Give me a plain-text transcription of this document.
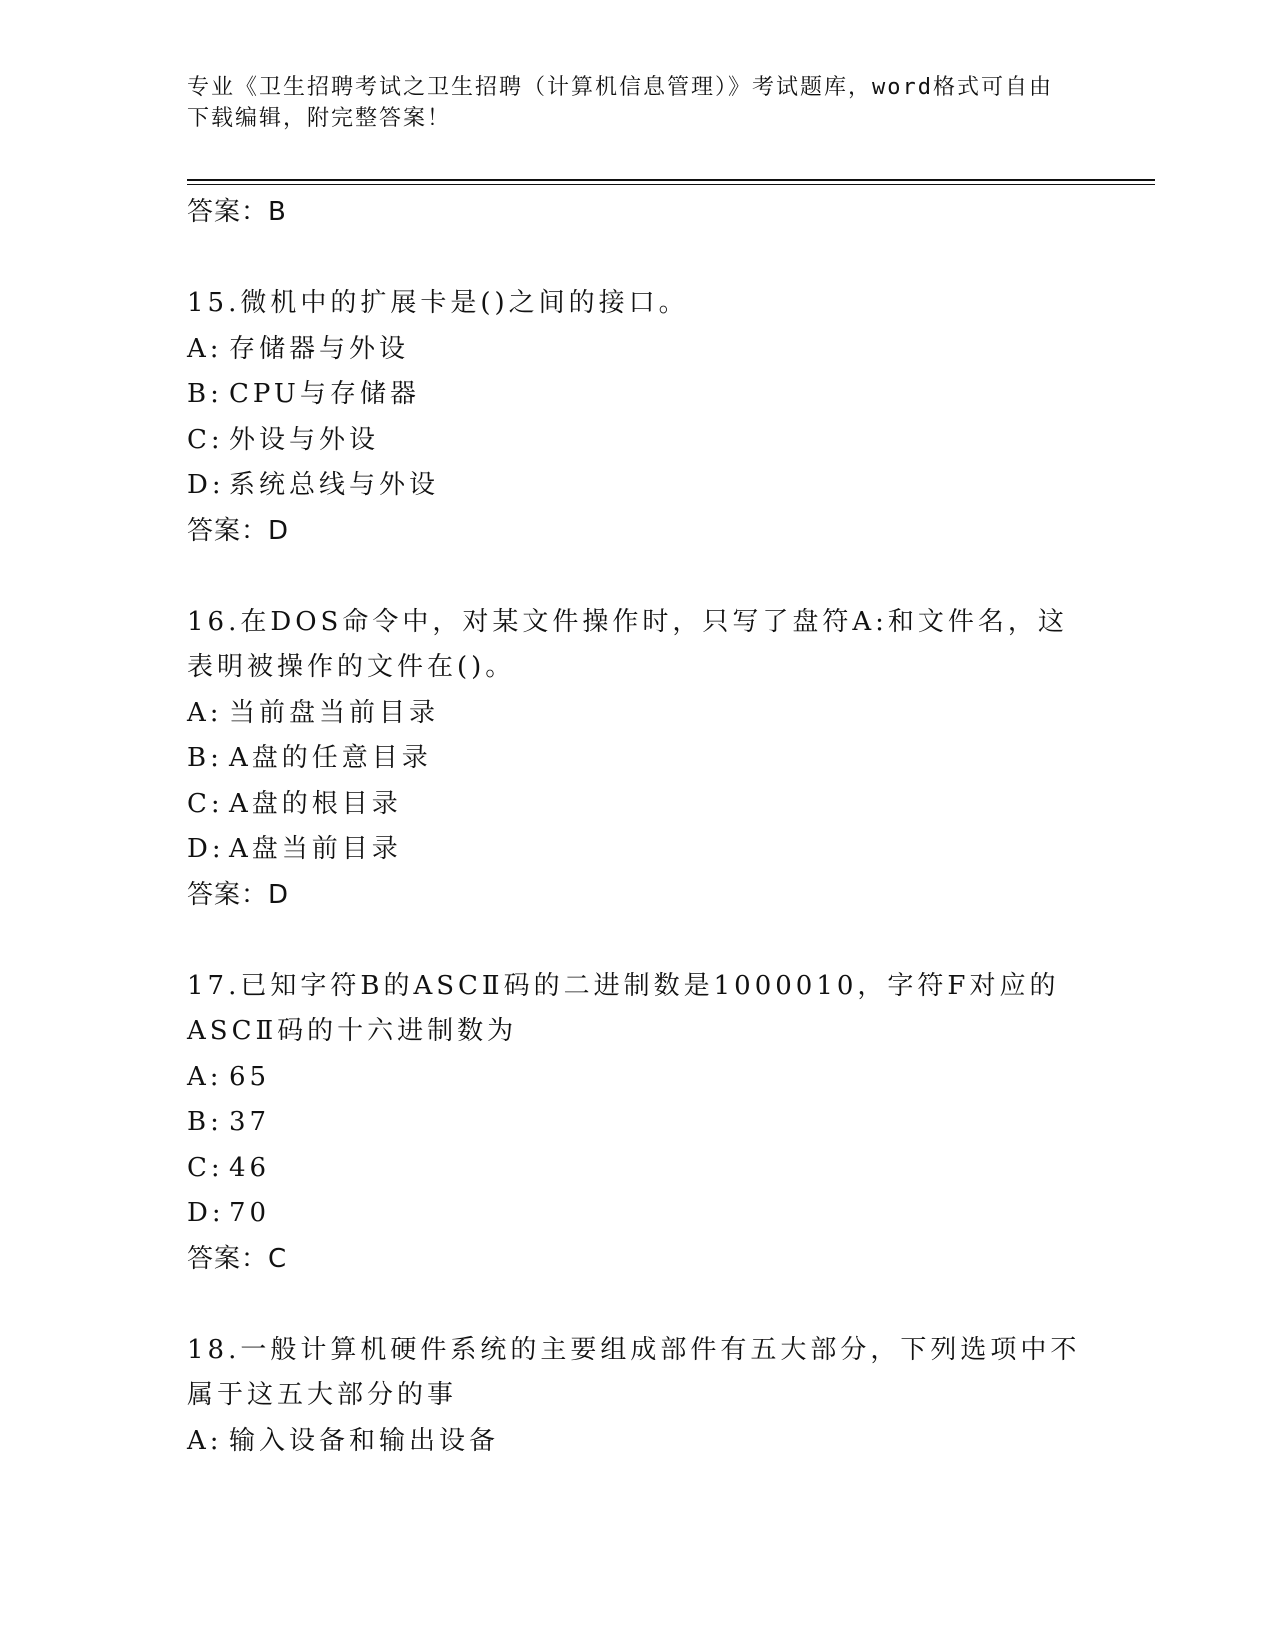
专业《卫生招聘考试之卫生招聘（计算机信息管理）》考试题库，word格式可自由下载编辑，附完整答案！
答案：B
15.微机中的扩展卡是()之间的接口。
A: 存储器与外设
B: CPU与存储器
C: 外设与外设
D: 系统总线与外设
答案：D
16.在DOS命令中，对某文件操作时，只写了盘符A:和文件名，这表明被操作的文件在()。
A: 当前盘当前目录
B: A盘的任意目录
C: A盘的根目录
D: A盘当前目录
答案：D
17.已知字符B的ASCⅡ码的二进制数是1000010，字符F对应的ASCⅡ码的十六进制数为
A: 65
B: 37
C: 46
D: 70
答案：C
18.一般计算机硬件系统的主要组成部件有五大部分，下列选项中不属于这五大部分的事
A: 输入设备和输出设备
